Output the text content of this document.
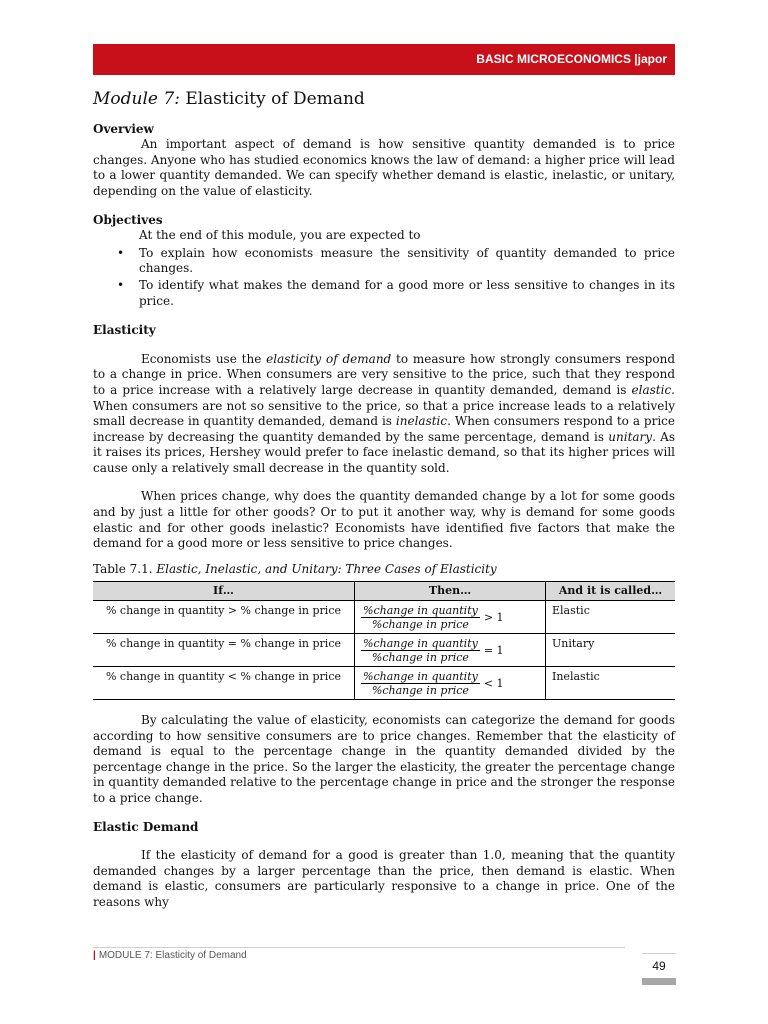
BASIC MICROECONOMICS |japor
Module 7: Elasticity of Demand
Overview

An important aspect of demand is how sensitive quantity demanded is to price changes. Anyone who has studied economics knows the law of demand: a higher price will lead to a lower quantity demanded. We can specify whether demand is elastic, inelastic, or unitary, depending on the value of elasticity.

Objectives
At the end of this module, you are expected to
• To explain how economists measure the sensitivity of quantity demanded to price changes.
• To identify what makes the demand for a good more or less sensitive to changes in its price.
Elasticity

Economists use the elasticity of demand to measure how strongly consumers respond to a change in price. When consumers are very sensitive to the price, such that they respond to a price increase with a relatively large decrease in quantity demanded, demand is elastic. When consumers are not so sensitive to the price, so that a price increase leads to a relatively small decrease in quantity demanded, demand is inelastic. When consumers respond to a price increase by decreasing the quantity demanded by the same percentage, demand is unitary. As it raises its prices, Hershey would prefer to face inelastic demand, so that its higher prices will cause only a relatively small decrease in the quantity sold.

When prices change, why does the quantity demanded change by a lot for some goods and by just a little for other goods? Or to put it another way, why is demand for some goods elastic and for other goods inelastic? Economists have identified five factors that make the demand for a good more or less sensitive to price changes.

Table 7.1. Elastic, Inelastic, and Unitary: Three Cases of Elasticity
If…	Then…	And it is called…
% change in quantity > % change in price	$\frac{\text{\%change in quantity}}{\text{\%change in price}} > 1$	Elastic
% change in quantity = % change in price	$\frac{\text{\%change in quantity}}{\text{\%change in price}} = 1$	Unitary
% change in quantity < % change in price	$\frac{\text{\%change in quantity}}{\text{\%change in price}} < 1$	Inelastic

By calculating the value of elasticity, economists can categorize the demand for goods according to how sensitive consumers are to price changes. Remember that the elasticity of demand is equal to the percentage change in the quantity demanded divided by the percentage change in the price. So the larger the elasticity, the greater the percentage change in quantity demanded relative to the percentage change in price and the stronger the response to a price change.

Elastic Demand

If the elasticity of demand for a good is greater than 1.0, meaning that the quantity demanded changes by a larger percentage than the price, then demand is elastic. When demand is elastic, consumers are particularly responsive to a change in price. One of the reasons why

| MODULE 7: Elasticity of Demand
49
